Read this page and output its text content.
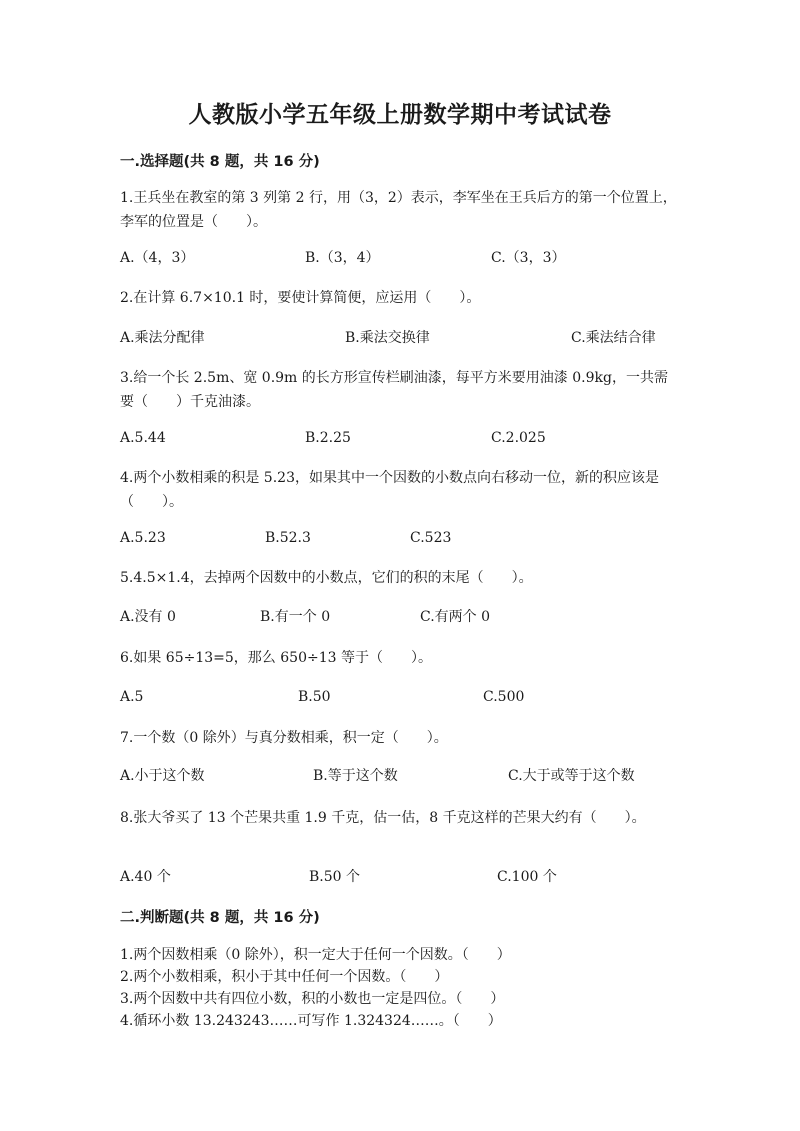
人教版小学五年级上册数学期中考试试卷
一.选择题(共 8 题，共 16 分)
1.王兵坐在教室的第 3 列第 2 行，用（3，2）表示，李军坐在王兵后方的第一个位置上，李军的位置是（　　）。
A.（4，3）	B.（3，4）	C.（3，3）
2.在计算 6.7×10.1 时，要使计算简便，应运用（　　）。
A.乘法分配律	B.乘法交换律	C.乘法结合律
3.给一个长 2.5m、宽 0.9m 的长方形宣传栏刷油漆，每平方米要用油漆 0.9kg，一共需要（　　）千克油漆。
A.5.44	B.2.25	C.2.025
4.两个小数相乘的积是 5.23，如果其中一个因数的小数点向右移动一位，新的积应该是（　　）。
A.5.23	B.52.3	C.523
5.4.5×1.4，去掉两个因数中的小数点，它们的积的末尾（　　）。
A.没有 0	B.有一个 0	C.有两个 0
6.如果 65÷13=5，那么 650÷13 等于（　　）。
A.5	B.50	C.500
7.一个数（0 除外）与真分数相乘，积一定（　　）。
A.小于这个数	B.等于这个数	C.大于或等于这个数
8.张大爷买了 13 个芒果共重 1.9 千克，估一估，8 千克这样的芒果大约有（　　）。
A.40 个	B.50 个	C.100 个
二.判断题(共 8 题，共 16 分)
1.两个因数相乘（0 除外），积一定大于任何一个因数。（　　）
2.两个小数相乘，积小于其中任何一个因数。（　　）
3.两个因数中共有四位小数，积的小数也一定是四位。（　　）
4.循环小数 13.243243……可写作 1.324324……。（　　）
